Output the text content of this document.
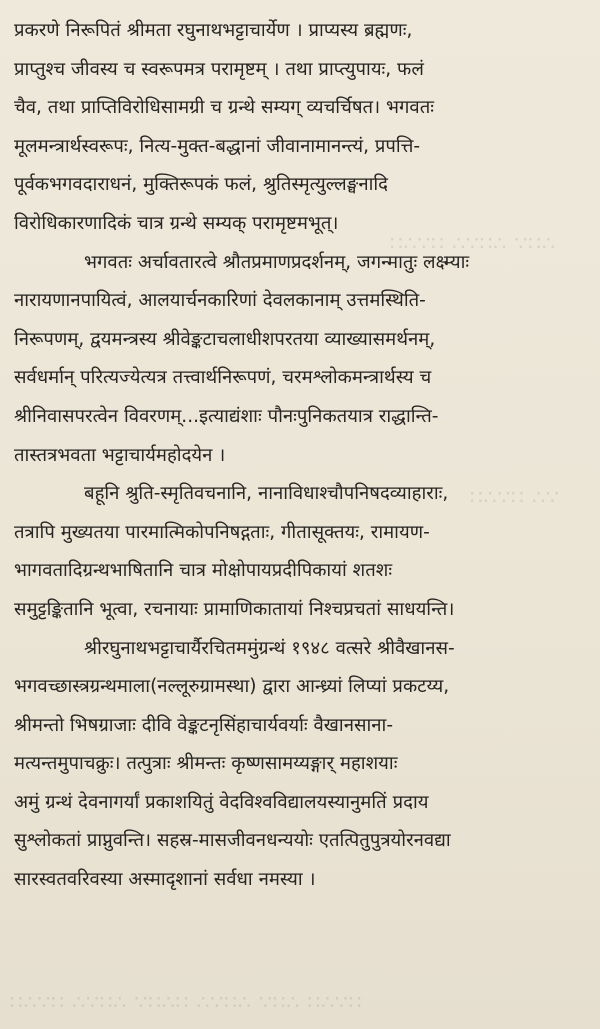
∷∴∵∷ ∴∵∷∴ ∵∷∴
∷∴∵∷ ∴∵
∷∴∵∷ ∴∵∷∴ ∵∷∴∷ ∴∵∷∴ ∵∷∴ ∷∴∵∷
प्रकरणे निरूपितं श्रीमता रघुनाथभट्टाचार्येण । प्राप्यस्य ब्रह्मणः,
प्राप्तुश्च जीवस्य च स्वरूपमत्र परामृष्टम् । तथा प्राप्त्युपायः, फलं
चैव, तथा प्राप्तिविरोधिसामग्री च ग्रन्थे सम्यग् व्यचर्चिषत। भगवतः
मूलमन्त्रार्थस्वरूपः, नित्य-मुक्त-बद्धानां जीवानामानन्त्यं, प्रपत्ति-
पूर्वकभगवदाराधनं, मुक्तिरूपकं फलं, श्रुतिस्मृत्युल्लङ्घनादि
विरोधिकारणादिकं चात्र ग्रन्थे सम्यक् परामृष्टमभूत्।
भगवतः अर्चावतारत्वे श्रौतप्रमाणप्रदर्शनम्, जगन्मातुः लक्ष्म्याः
नारायणानपायित्वं, आलयार्चनकारिणां देवलकानाम् उत्तमस्थिति-
निरूपणम्, द्वयमन्त्रस्य श्रीवेङ्कटाचलाधीशपरतया व्याख्यासमर्थनम्,
सर्वधर्मान् परित्यज्येत्यत्र तत्त्वार्थनिरूपणं, चरमश्लोकमन्त्रार्थस्य च
श्रीनिवासपरत्वेन विवरणम्...इत्याद्यंशाः पौनःपुनिकतयात्र राद्धान्ति-
तास्तत्रभवता भट्टाचार्यमहोदयेन ।
बहूनि श्रुति-स्मृतिवचनानि, नानाविधाश्चौपनिषदव्याहाराः,
तत्रापि मुख्यतया पारमात्मिकोपनिषद्गताः, गीतासूक्तयः, रामायण-
भागवतादिग्रन्थभाषितानि चात्र मोक्षोपायप्रदीपिकायां शतशः
समुट्टङ्कितानि भूत्वा, रचनायाः प्रामाणिकातायां निश्चप्रचतां साधयन्ति।
श्रीरघुनाथभट्टाचार्यैरचितममुंग्रन्थं १९४८ वत्सरे श्रीवैखानस-
भगवच्छास्त्रग्रन्थमाला(नल्लूरुग्रामस्था) द्वारा आन्ध्र्यां लिप्यां प्रकटय्य,
श्रीमन्तो भिषग्राजाः दीवि वेङ्कटनृसिंहाचार्यवर्याः वैखानसाना-
मत्यन्तमुपाचक्रुः। तत्पुत्राः श्रीमन्तः कृष्णसामय्यङ्गार् महाशयाः
अमुं ग्रन्थं देवनागर्यां प्रकाशयितुं वेदविश्वविद्यालयस्यानुमतिं प्रदाय
सुश्लोकतां प्राप्नुवन्ति। सहस्र-मासजीवनधन्ययोः एतत्पितुपुत्रयोरनवद्या
सारस्वतवरिवस्या अस्मादृशानां सर्वधा नमस्या ।
